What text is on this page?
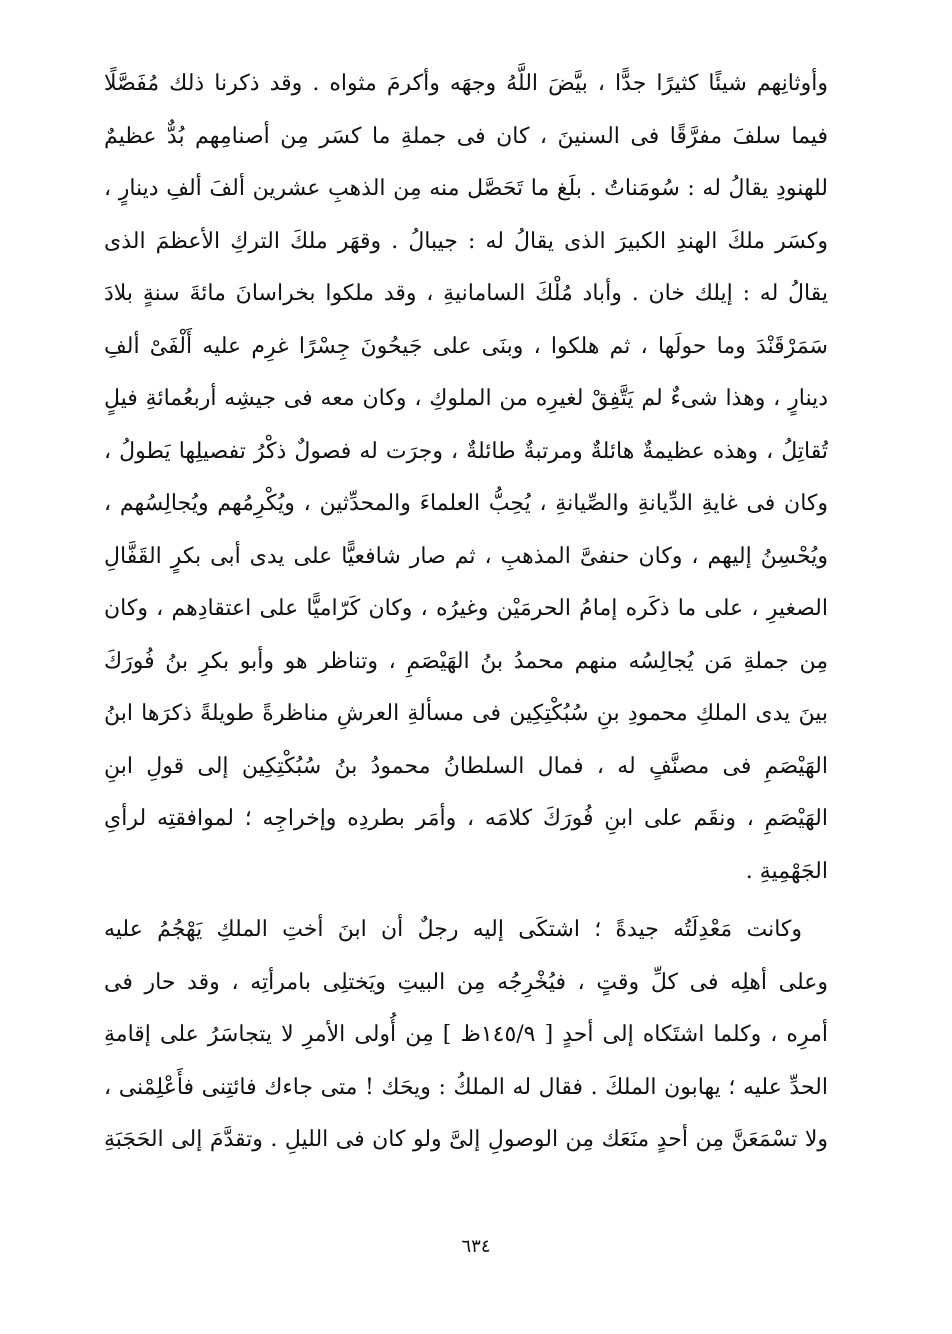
وأوثانِهم شيئًا كثيرًا جدًّا ، بيَّضَ اللَّهُ وجهَه وأكرمَ مثواه . وقد ذكرنا ذلك مُفَصَّلًا
فيما سلفَ مفرَّقًا فى السنينَ ، كان فى جملةِ ما كسَر مِن أصنامِهم بُدٌّ عظيمٌ
للهنودِ يقالُ له : سُومَناتُ . بلَغ ما تَحَصَّل منه مِن الذهبِ عشرين ألفَ ألفِ دينارٍ ،
وكسَر ملكَ الهندِ الكبيرَ الذى يقالُ له : جيبالُ . وقهَر ملكَ التركِ الأعظمَ الذى
يقالُ له : إيلك خان . وأباد مُلْكَ السامانيةِ ، وقد ملكوا بخراسانَ مائةَ سنةٍ بلادَ
سَمَرْقَنْدَ وما حولَها ، ثم هلكوا ، وبنَى على جَيحُونَ جِسْرًا غرِم عليه أَلْفَىْ ألفِ
دينارٍ ، وهذا شىءٌ لم يَتَّفِقْ لغيرِه من الملوكِ ، وكان معه فى جيشِه أربعُمائةِ فيلٍ
تُقاتِلُ ، وهذه عظيمةٌ هائلةٌ ومرتبةٌ طائلةٌ ، وجرَت له فصولٌ ذكْرُ تفصيلِها يَطولُ ،
وكان فى غايةِ الدِّيانةِ والصِّيانةِ ، يُحِبُّ العلماءَ والمحدِّثين ، ويُكْرِمُهم ويُجالِسُهم ،
ويُحْسِنُ إليهم ، وكان حنفىَّ المذهبِ ، ثم صار شافعيًّا على يدى أبى بكرٍ القَفَّالِ
الصغيرِ ، على ما ذكَره إمامُ الحرمَيْن وغيرُه ، وكان كَرّاميًّا على اعتقادِهم ، وكان
مِن جملةِ مَن يُجالِسُه منهم محمدُ بنُ الهَيْصَمِ ، وتناظر هو وأبو بكرِ بنُ فُورَكَ
بينَ يدى الملكِ محمودِ بنِ سُبُكْتِكِين فى مسألةِ العرشِ مناظرةً طويلةً ذكرَها ابنُ
الهَيْصَمِ فى مصنَّفٍ له ، فمال السلطانُ محمودُ بنُ سُبُكْتِكِين إلى قولِ ابنِ
الهَيْصَمِ ، ونقَم على ابنِ فُورَكَ كلامَه ، وأمَر بطردِه وإخراجِه ؛ لموافقتِه لرأىِ
الجَهْمِيةِ .
وكانت مَعْدِلَتُه جيدةً ؛ اشتكَى إليه رجلٌ أن ابنَ أختِ الملكِ يَهْجُمُ عليه
وعلى أهلِه فى كلِّ وقتٍ ، فيُخْرِجُه مِن البيتِ ويَختلِى بامرأتِه ، وقد حار فى
أمرِه ، وكلما اشتَكاه إلى أحدٍ [ ١٤٥/٩ظ ] مِن أُولى الأمرِ لا يتجاسَرُ على إقامةِ
الحدِّ عليه ؛ يهابون الملكَ . فقال له الملكُ : ويحَك ! متى جاءك فائتِنى فأَعْلِمْنى ،
ولا تسْمَعَنَّ مِن أحدٍ منَعَك مِن الوصولِ إلىَّ ولو كان فى الليلِ . وتقدَّمَ إلى الحَجَبَةِ
٦٣٤
